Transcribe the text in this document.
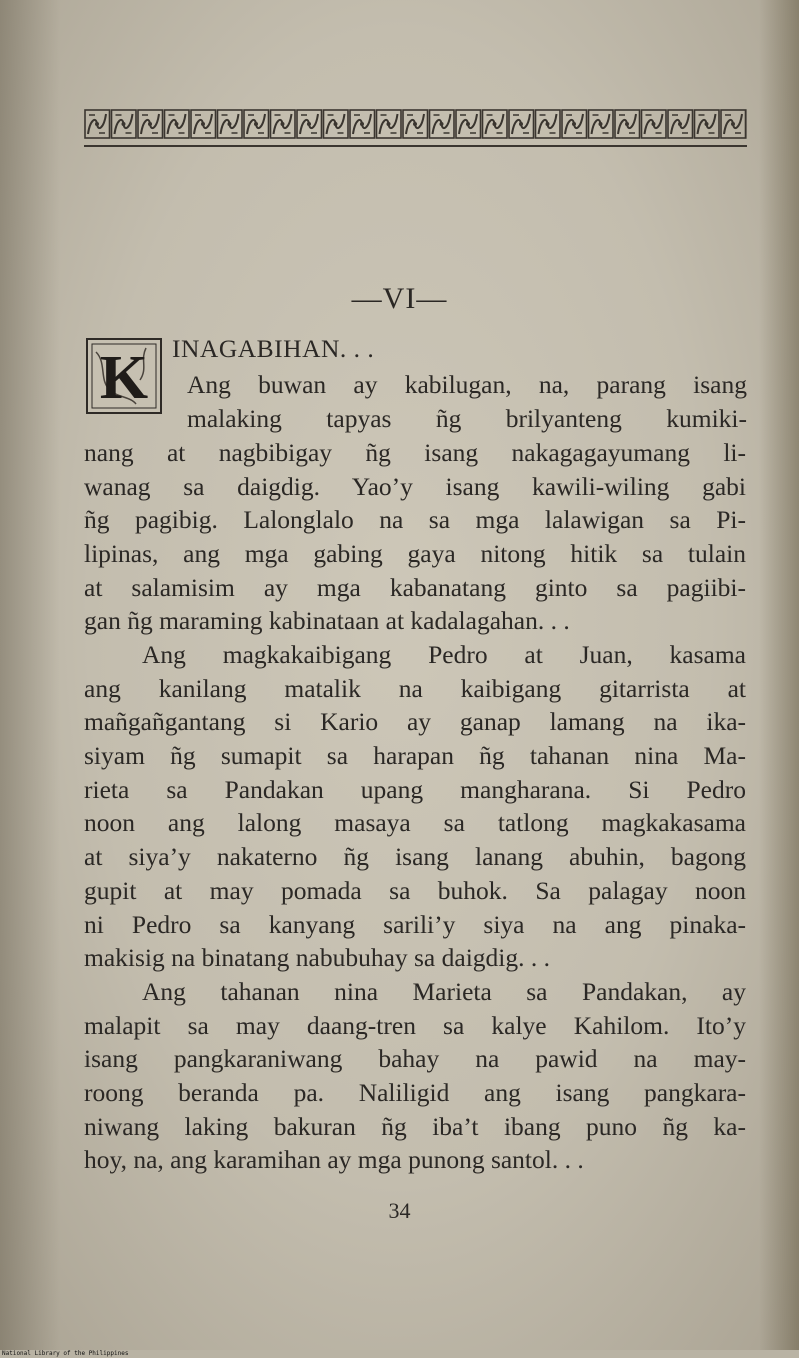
—VI—
K INAGABIHAN. . .
Ang buwan ay kabilugan, na, parang isang
malaking tapyas ñg brilyanteng kumiki-
nang at nagbibigay ñg isang nakagagayumang li-
wanag sa daigdig. Yao’y isang kawili-wiling gabi
ñg pagibig. Lalonglalo na sa mga lalawigan sa Pi-
lipinas, ang mga gabing gaya nitong hitik sa tulain
at salamisim ay mga kabanatang ginto sa pagiibi-
gan ñg maraming kabinataan at kadalagahan. . .
Ang magkakaibigang Pedro at Juan, kasama
ang kanilang matalik na kaibigang gitarrista at
mañgañgantang si Kario ay ganap lamang na ika-
siyam ñg sumapit sa harapan ñg tahanan nina Ma-
rieta sa Pandakan upang mangharana. Si Pedro
noon ang lalong masaya sa tatlong magkakasama
at siya’y nakaterno ñg isang lanang abuhin, bagong
gupit at may pomada sa buhok. Sa palagay noon
ni Pedro sa kanyang sarili’y siya na ang pinaka-
makisig na binatang nabubuhay sa daigdig. . .
Ang tahanan nina Marieta sa Pandakan, ay
malapit sa may daang-tren sa kalye Kahilom. Ito’y
isang pangkaraniwang bahay na pawid na may-
roong beranda pa. Naliligid ang isang pangkara-
niwang laking bakuran ñg iba’t ibang puno ñg ka-
hoy, na, ang karamihan ay mga punong santol. . .
34
National Library of the Philippines
